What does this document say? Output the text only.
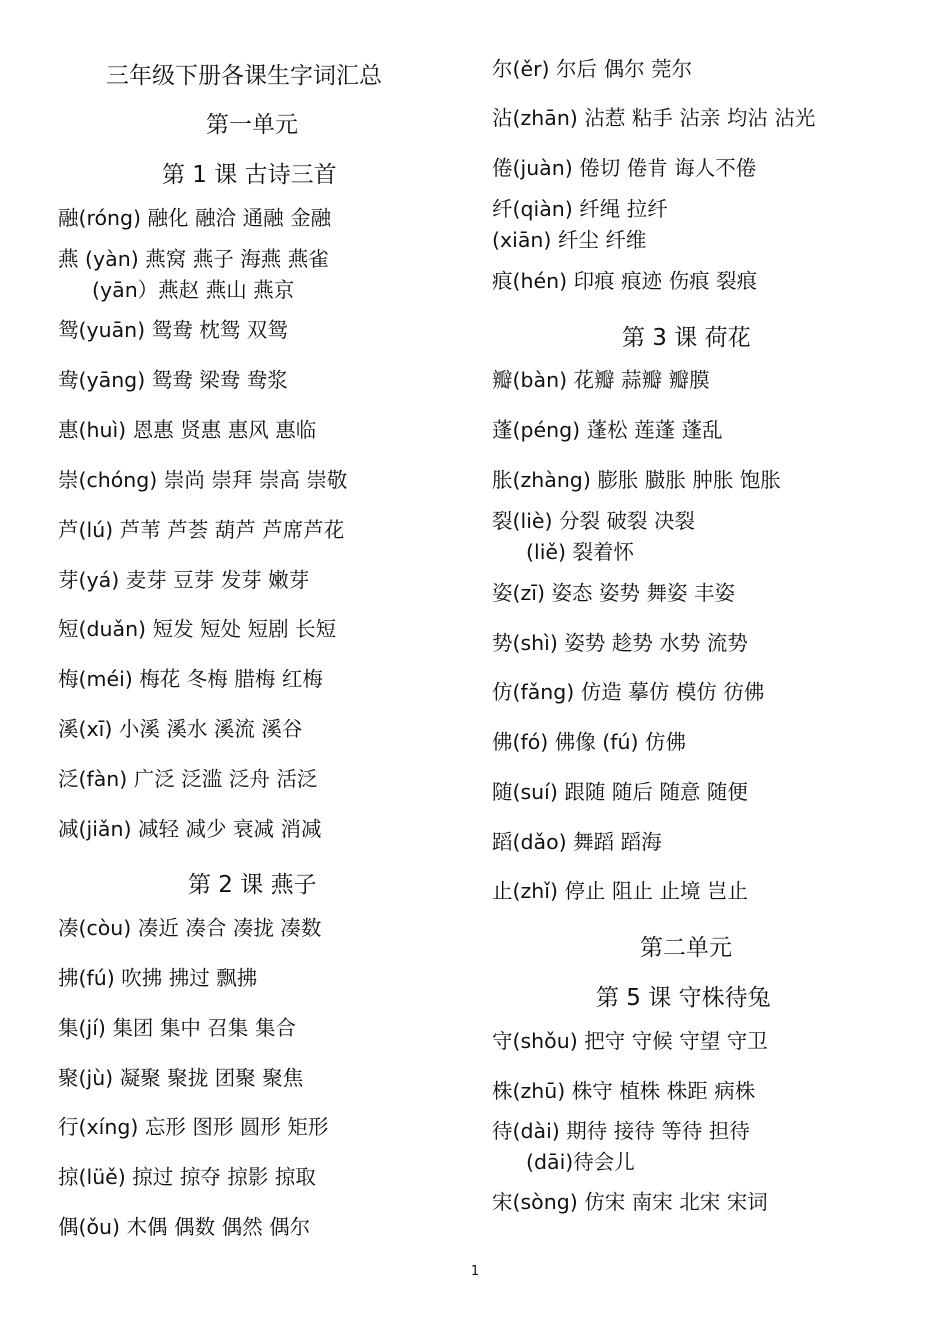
三年级下册各课生字词汇总
第一单元
第 1 课 古诗三首
融(róng) 融化 融洽 通融 金融
燕 (yàn) 燕窝 燕子 海燕 燕雀
(yān）燕赵 燕山 燕京
鸳(yuān) 鸳鸯 枕鸳 双鸳
鸯(yāng) 鸳鸯 梁鸯 鸯浆
惠(huì) 恩惠 贤惠 惠风 惠临
崇(chóng) 崇尚 崇拜 崇高 崇敬
芦(lú) 芦苇 芦荟 葫芦 芦席芦花
芽(yá) 麦芽 豆芽 发芽 嫩芽
短(duǎn) 短发 短处 短剧 长短
梅(méi) 梅花 冬梅 腊梅 红梅
溪(xī) 小溪 溪水 溪流 溪谷
泛(fàn) 广泛 泛滥 泛舟 活泛
减(jiǎn) 减轻 减少 衰减 消减
第 2 课 燕子
凑(còu) 凑近 凑合 凑拢 凑数
拂(fú) 吹拂 拂过 飘拂
集(jí) 集团 集中 召集 集合
聚(jù) 凝聚 聚拢 团聚 聚焦
行(xíng) 忘形 图形 圆形 矩形
掠(lüě) 掠过 掠夺 掠影 掠取
偶(ǒu) 木偶 偶数 偶然 偶尔
尔(ěr) 尔后 偶尔 莞尔
沾(zhān) 沾惹 粘手 沾亲 均沾 沾光
倦(juàn) 倦切 倦肯 诲人不倦
纤(qiàn) 纤绳 拉纤
(xiān) 纤尘 纤维
痕(hén) 印痕 痕迹 伤痕 裂痕
第 3 课 荷花
瓣(bàn) 花瓣 蒜瓣 瓣膜
蓬(péng) 蓬松 莲蓬 蓬乱
胀(zhàng) 膨胀 臌胀 肿胀 饱胀
裂(liè) 分裂 破裂 决裂
(liě) 裂着怀
姿(zī) 姿态 姿势 舞姿 丰姿
势(shì) 姿势 趁势 水势 流势
仿(fǎng) 仿造 摹仿 模仿 彷佛
佛(fó) 佛像 (fú) 仿佛
随(suí) 跟随 随后 随意 随便
蹈(dǎo) 舞蹈 蹈海
止(zhǐ) 停止 阻止 止境 岂止
第二单元
第 5 课 守株待兔
守(shǒu) 把守 守候 守望 守卫
株(zhū) 株守 植株 株距 病株
待(dài) 期待 接待 等待 担待
(dāi)待会儿
宋(sòng) 仿宋 南宋 北宋 宋词
1
